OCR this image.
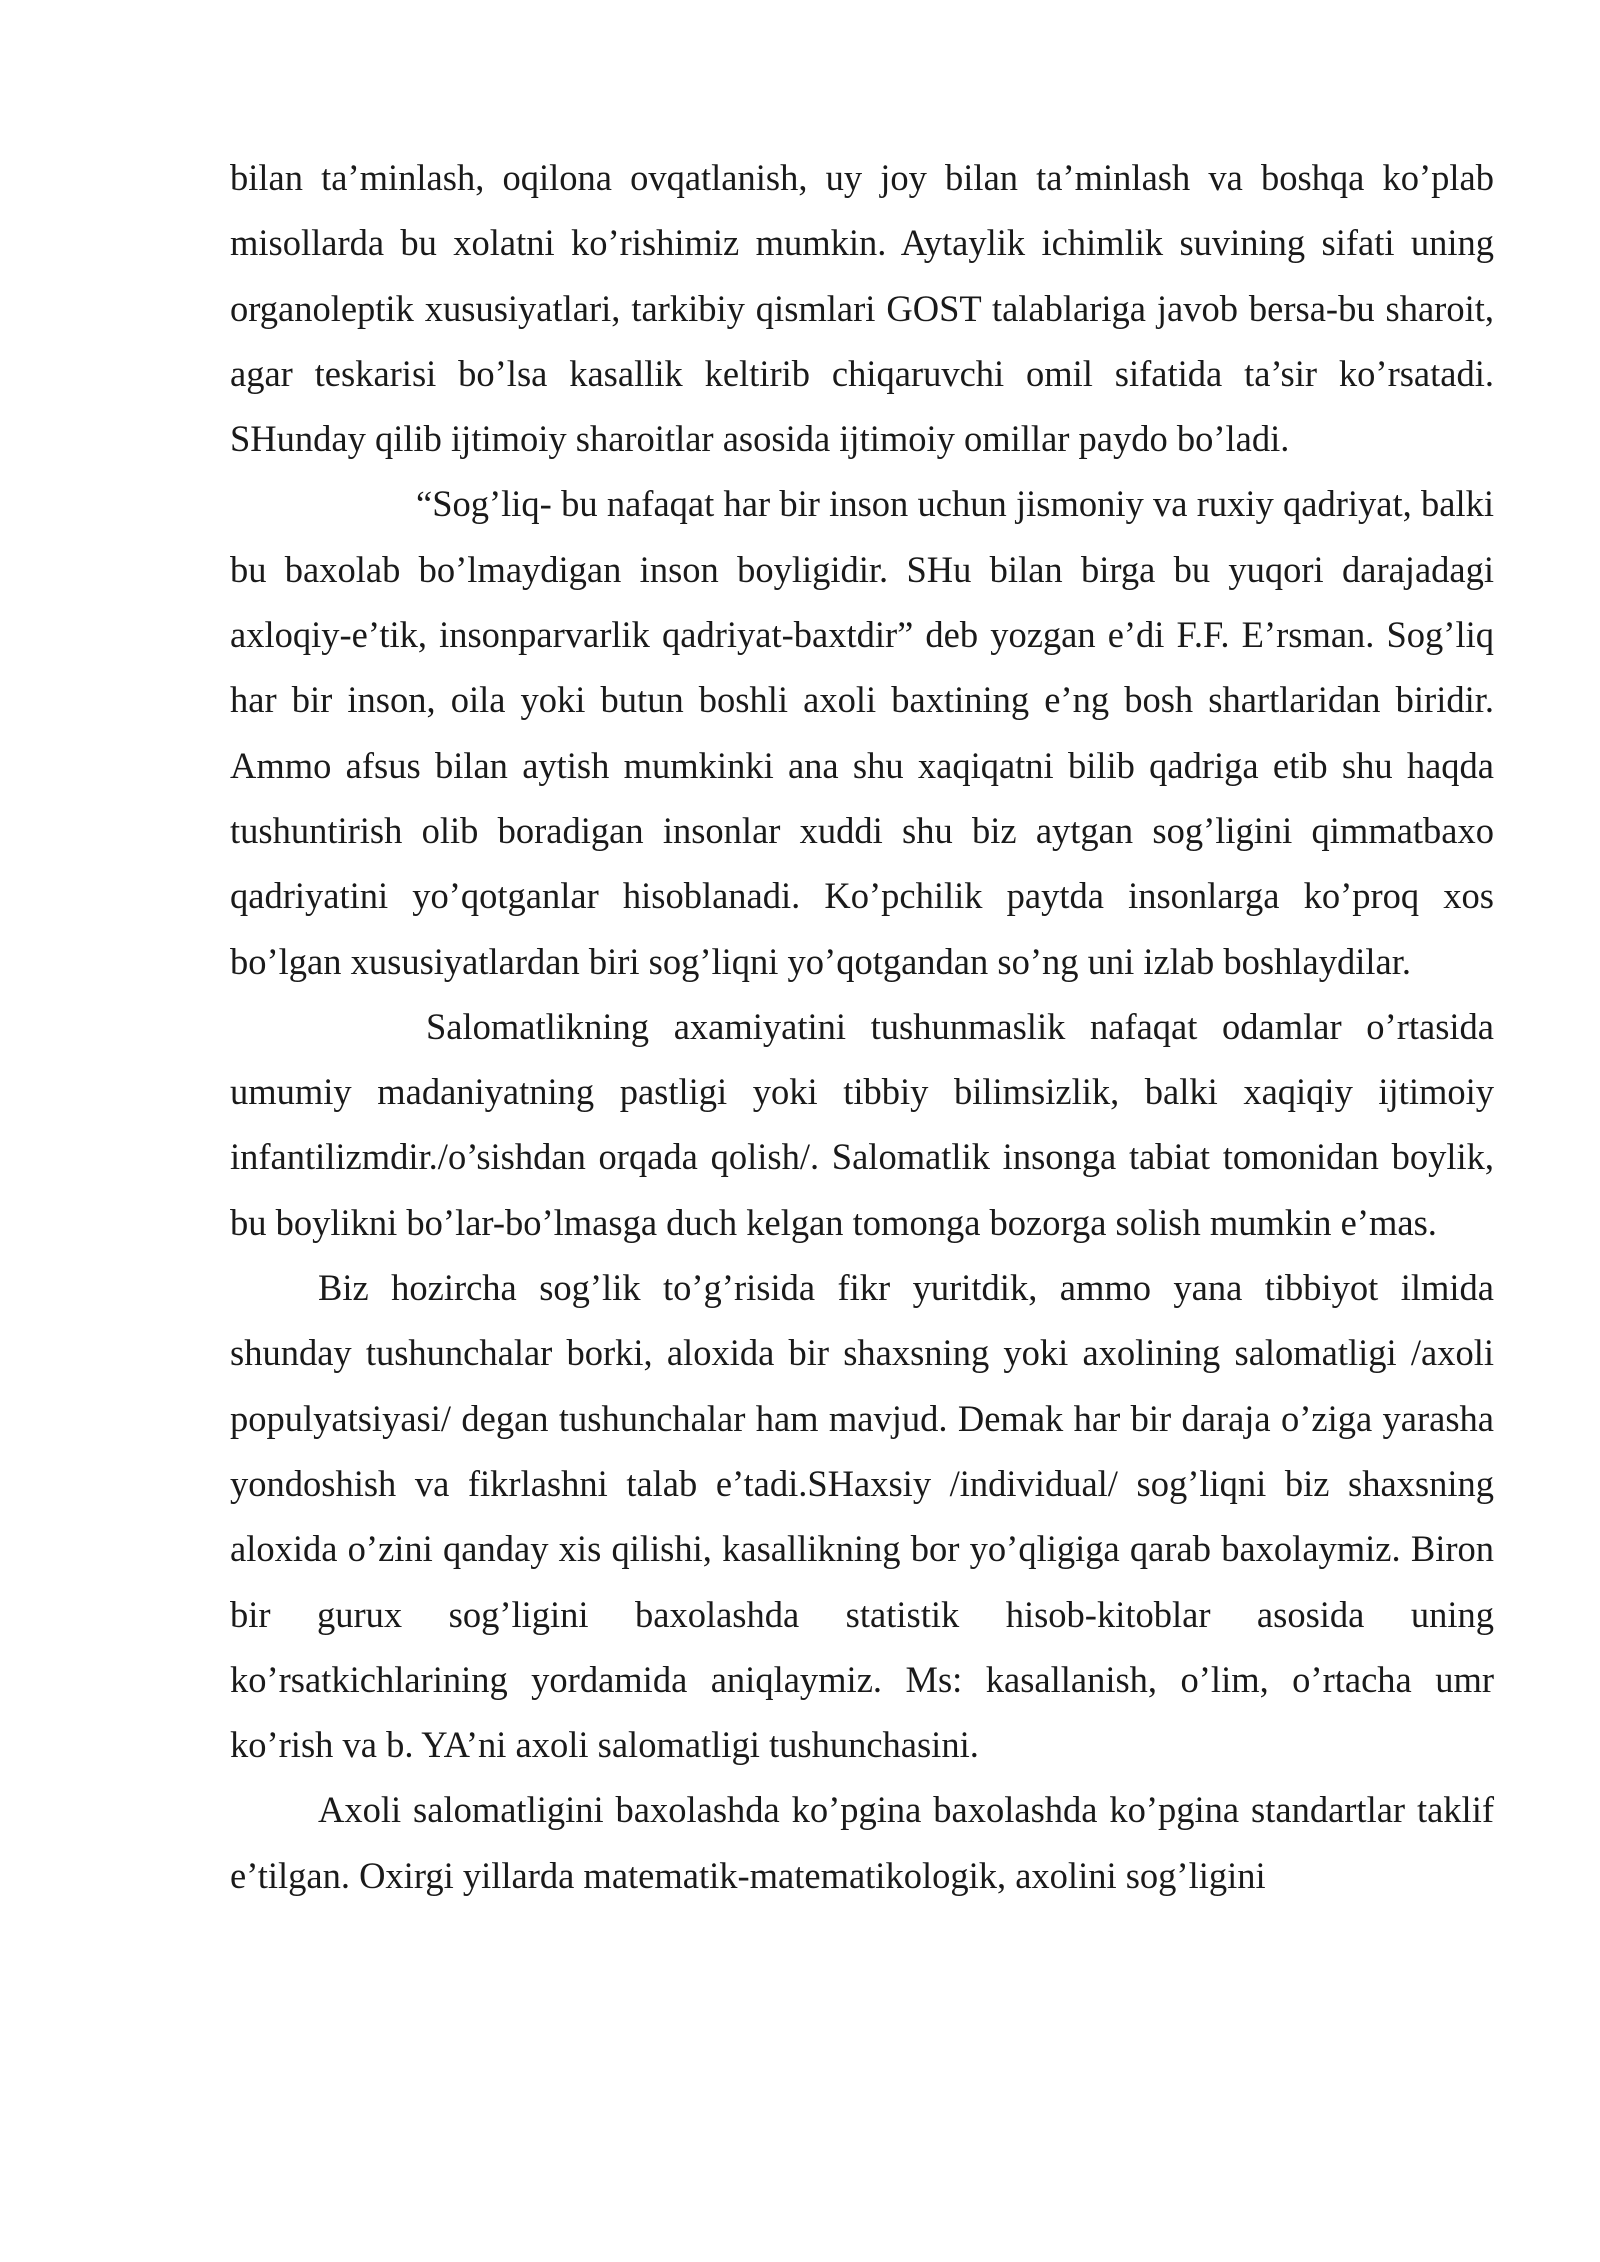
bilan ta’minlash, oqilona ovqatlanish, uy joy bilan ta’minlash va boshqa ko’plab misollarda bu xolatni ko’rishimiz mumkin. Aytaylik ichimlik suvining sifati uning organoleptik xususiyatlari, tarkibiy qismlari GOST talablariga javob bersa-bu sharoit, agar teskarisi bo’lsa kasallik keltirib chiqaruvchi omil sifatida ta’sir ko’rsatadi. SHunday qilib ijtimoiy sharoitlar asosida ijtimoiy omillar paydo bo’ladi.

“Sog’liq- bu nafaqat har bir inson uchun jismoniy va ruxiy qadriyat, balki bu baxolab bo’lmaydigan inson boyligidir. SHu bilan birga bu yuqori darajadagi axloqiy-e’tik, insonparvarlik qadriyat-baxtdir” deb yozgan e’di F.F. E’rsman. Sog’liq har bir inson, oila yoki butun boshli axoli baxtining e’ng bosh shartlaridan biridir. Ammo afsus bilan aytish mumkinki ana shu xaqiqatni bilib qadriga etib shu haqda tushuntirish olib boradigan insonlar xuddi shu biz aytgan sog’ligini qimmatbaxo qadriyatini yo’qotganlar hisoblanadi. Ko’pchilik paytda insonlarga ko’proq xos bo’lgan xususiyatlardan biri sog’liqni yo’qotgandan so’ng uni izlab boshlaydilar.

Salomatlikning axamiyatini tushunmaslik nafaqat odamlar o’rtasida umumiy madaniyatning pastligi yoki tibbiy bilimsizlik, balki xaqiqiy ijtimoiy infantilizmdir./o’sishdan orqada qolish/. Salomatlik insonga tabiat tomonidan boylik, bu boylikni bo’lar-bo’lmasga duch kelgan tomonga bozorga solish mumkin e’mas.

Biz hozircha sog’lik to’g’risida fikr yuritdik, ammo yana tibbiyot ilmida shunday tushunchalar borki, aloxida bir shaxsning yoki axolining salomatligi /axoli populyatsiyasi/ degan tushunchalar ham mavjud. Demak har bir daraja o’ziga yarasha yondoshish va fikrlashni talab e’tadi.SHaxsiy /individual/ sog’liqni biz shaxsning aloxida o’zini qanday xis qilishi, kasallikning bor yo’qligiga qarab baxolaymiz. Biron bir gurux sog’ligini baxolashda statistik hisob-kitoblar asosida uning ko’rsatkichlarining yordamida aniqlaymiz. Ms: kasallanish, o’lim, o’rtacha umr ko’rish va b. YA’ni axoli salomatligi tushunchasini.

Axoli salomatligini baxolashda ko’pgina baxolashda ko’pgina standartlar taklif e’tilgan. Oxirgi yillarda matematik-matematikologik, axolini sog’ligini
